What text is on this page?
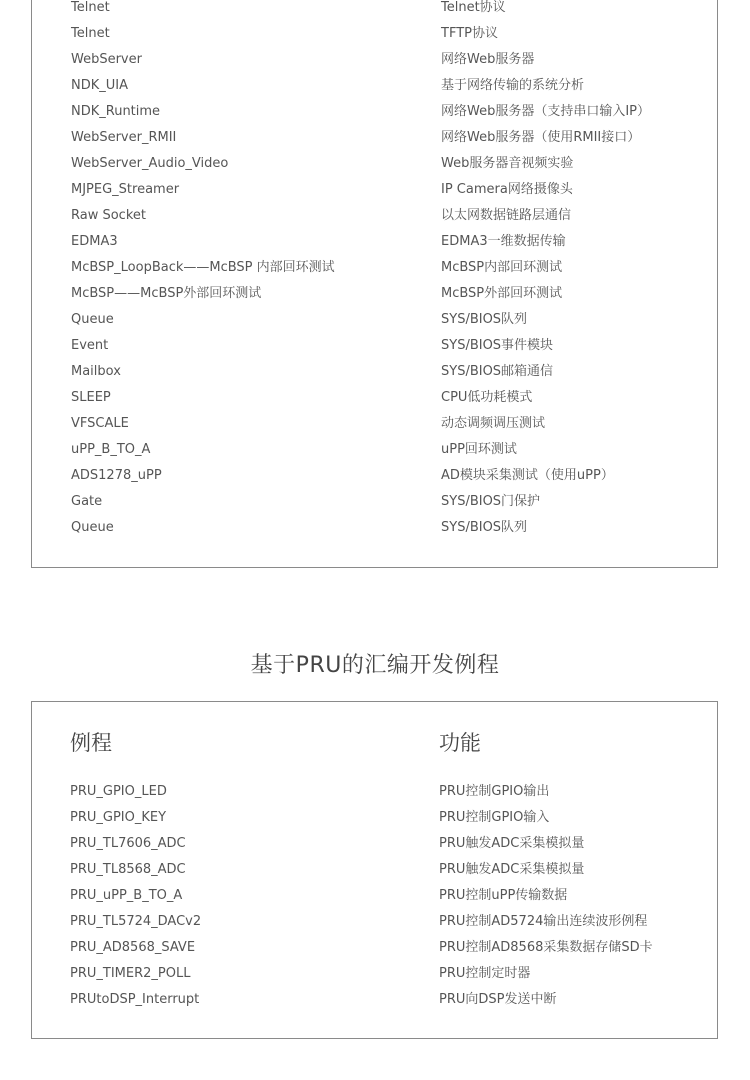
Telnet	Telnet协议
Telnet	TFTP协议
WebServer	网络Web服务器
NDK_UIA	基于网络传输的系统分析
NDK_Runtime	网络Web服务器（支持串口输入IP）
WebServer_RMII	网络Web服务器（使用RMII接口）
WebServer_Audio_Video	Web服务器音视频实验
MJPEG_Streamer	IP Camera网络摄像头
Raw Socket	以太网数据链路层通信
EDMA3	EDMA3一维数据传输
McBSP_LoopBack——McBSP 内部回环测试	McBSP内部回环测试
McBSP——McBSP外部回环测试	McBSP外部回环测试
Queue	SYS/BIOS队列
Event	SYS/BIOS事件模块
Mailbox	SYS/BIOS邮箱通信
SLEEP	CPU低功耗模式
VFSCALE	动态调频调压测试
uPP_B_TO_A	uPP回环测试
ADS1278_uPP	AD模块采集测试（使用uPP）
Gate	SYS/BIOS门保护
Queue	SYS/BIOS队列
基于PRU的汇编开发例程
例程	功能
PRU_GPIO_LED	PRU控制GPIO输出
PRU_GPIO_KEY	PRU控制GPIO输入
PRU_TL7606_ADC	PRU触发ADC采集模拟量
PRU_TL8568_ADC	PRU触发ADC采集模拟量
PRU_uPP_B_TO_A	PRU控制uPP传输数据
PRU_TL5724_DACv2	PRU控制AD5724输出连续波形例程
PRU_AD8568_SAVE	PRU控制AD8568采集数据存储SD卡
PRU_TIMER2_POLL	PRU控制定时器
PRUtoDSP_Interrupt	PRU向DSP发送中断
